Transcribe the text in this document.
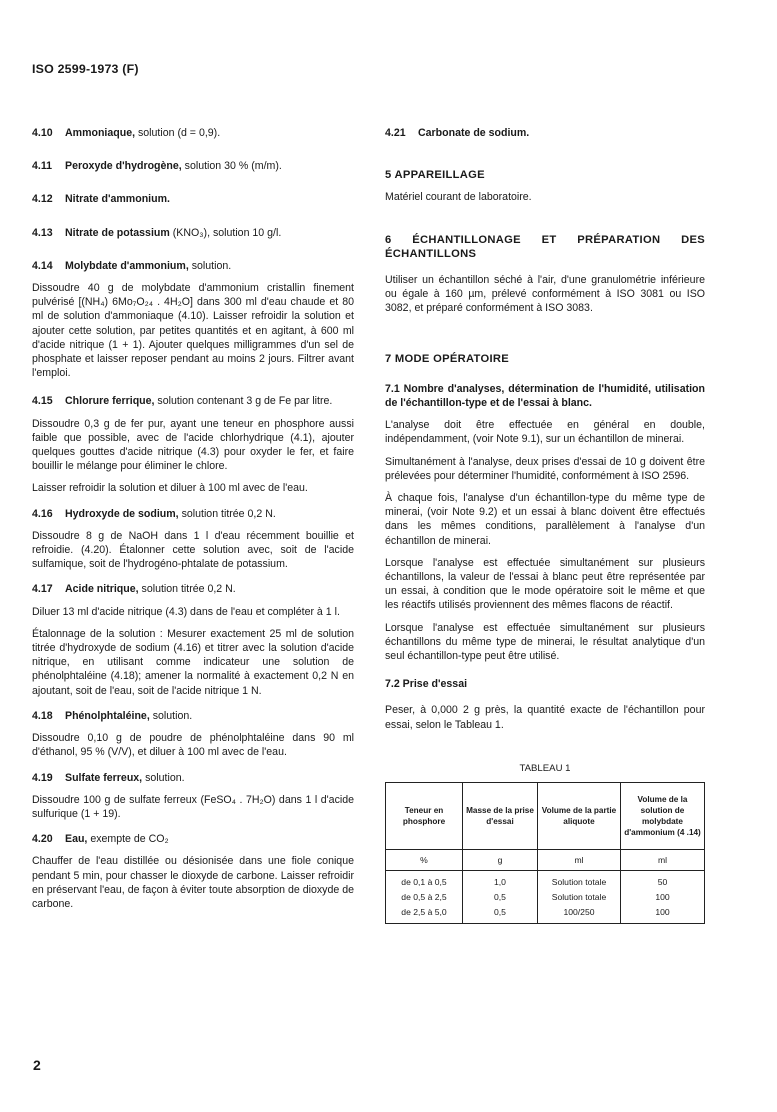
ISO 2599-1973 (F)

4.10 Ammoniaque, solution (d = 0,9).

4.11 Peroxyde d'hydrogène, solution 30 % (m/m).

4.12 Nitrate d'ammonium.

4.13 Nitrate de potassium (KNO₃), solution 10 g/l.

4.14 Molybdate d'ammonium, solution.

Dissoudre 40 g de molybdate d'ammonium cristallin finement pulvérisé [(NH₄) 6Mo₇O₂₄ . 4H₂O] dans 300 ml d'eau chaude et 80 ml de solution d'ammoniaque (4.10). Laisser refroidir la solution et ajouter cette solution, par petites quantités et en agitant, à 600 ml d'acide nitrique (1 + 1). Ajouter quelques milligrammes d'un sel de phosphate et laisser reposer pendant au moins 2 jours. Filtrer avant l'emploi.

4.15 Chlorure ferrique, solution contenant 3 g de Fe par litre.

Dissoudre 0,3 g de fer pur, ayant une teneur en phosphore aussi faible que possible, avec de l'acide chlorhydrique (4.1), ajouter quelques gouttes d'acide nitrique (4.3) pour oxyder le fer, et faire bouillir le mélange pour éliminer le chlore.

Laisser refroidir la solution et diluer à 100 ml avec de l'eau.

4.16 Hydroxyde de sodium, solution titrée 0,2 N.

Dissoudre 8 g de NaOH dans 1 l d'eau récemment bouillie et refroidie. (4.20). Étalonner cette solution avec, soit de l'acide sulfamique, soit de l'hydrogéno-phtalate de potassium.

4.17 Acide nitrique, solution titrée 0,2 N.

Diluer 13 ml d'acide nitrique (4.3) dans de l'eau et compléter à 1 l.

Étalonnage de la solution : Mesurer exactement 25 ml de solution titrée d'hydroxyde de sodium (4.16) et titrer avec la solution d'acide nitrique, en utilisant comme indicateur une solution de phénolphtaléine (4.18); amener la normalité à exactement 0,2 N en ajoutant, soit de l'eau, soit de l'acide nitrique 1 N.

4.18 Phénolphtaléine, solution.

Dissoudre 0,10 g de poudre de phénolphtaléine dans 90 ml d'éthanol, 95 % (V/V), et diluer à 100 ml avec de l'eau.

4.19 Sulfate ferreux, solution.

Dissoudre 100 g de sulfate ferreux (FeSO₄ . 7H₂O) dans 1 l d'acide sulfurique (1 + 19).

4.20 Eau, exempte de CO₂

Chauffer de l'eau distillée ou désionisée dans une fiole conique pendant 5 min, pour chasser le dioxyde de carbone. Laisser refroidir en préservant l'eau, de façon à éviter toute absorption de dioxyde de carbone.

4.21 Carbonate de sodium.

5 APPAREILLAGE

Matériel courant de laboratoire.

6 ÉCHANTILLONAGE ET PRÉPARATION DES

ÉCHANTILLONS

Utiliser un échantillon séché à l'air, d'une granulométrie inférieure ou égale à 160 µm, prélevé conformément à ISO 3081 ou ISO 3082, et préparé conformément à ISO 3083.

7 MODE OPÉRATOIRE

7.1 Nombre d'analyses, détermination de l'humidité, utilisation de l'échantillon-type et de l'essai à blanc.

L'analyse doit être effectuée en général en double, indépendamment, (voir Note 9.1), sur un échantillon de minerai.

Simultanément à l'analyse, deux prises d'essai de 10 g doivent être prélevées pour déterminer l'humidité, conformément à ISO 2596.

À chaque fois, l'analyse d'un échantillon-type du même type de minerai, (voir Note 9.2) et un essai à blanc doivent être effectués dans les mêmes conditions, parallèlement à l'analyse d'un échantillon de minerai.

Lorsque l'analyse est effectuée simultanément sur plusieurs échantillons, la valeur de l'essai à blanc peut être représentée par un essai, à condition que le mode opératoire soit le même et que les réactifs utilisés proviennent des mêmes flacons de réactif.

Lorsque l'analyse est effectuée simultanément sur plusieurs échantillons du même type de minerai, le résultat analytique d'un seul échantillon-type peut être utilisé.

7.2 Prise d'essai

Peser, à 0,000 2 g près, la quantité exacte de l'échantillon pour essai, selon le Tableau 1.

TABLEAU 1
Teneur en phosphore	Masse de la prise d'essai	Volume de la partie aliquote	Volume de la solution de molybdate d'ammonium (4 .14)
%	g	ml	ml
de 0,1 à 0,5	1,0	Solution totale	50
de 0,5 à 2,5	0,5	Solution totale	100
de 2,5 à 5,0	0,5	100/250	100
2
